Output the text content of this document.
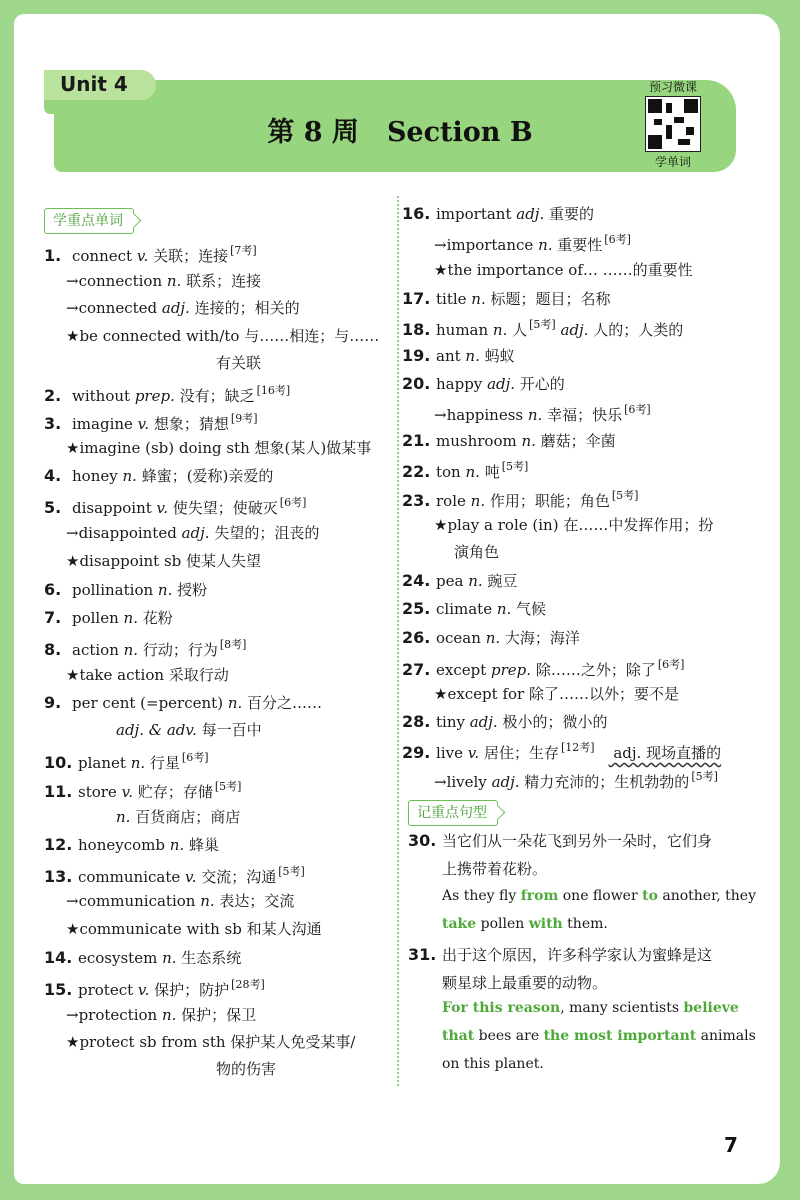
Unit 4
第 8 周 Section B
预习微课
学单词
学重点单词
1. connect v. 关联；连接 [7考]
→connection n. 联系；连接
→connected adj. 连接的；相关的
★be connected with/to 与……相连；与……
有关联
2. without prep. 没有；缺乏 [16考]
3. imagine v. 想象；猜想 [9考]
★imagine (sb) doing sth 想象(某人)做某事
4. honey n. 蜂蜜；(爱称)亲爱的
5. disappoint v. 使失望；使破灭 [6考]
→disappointed adj. 失望的；沮丧的
★disappoint sb 使某人失望
6. pollination n. 授粉
7. pollen n. 花粉
8. action n. 行动；行为 [8考]
★take action 采取行动
9. per cent (=percent) n. 百分之……
adj. & adv. 每一百中
10. planet n. 行星 [6考]
11. store v. 贮存；存储 [5考]
n. 百货商店；商店
12. honeycomb n. 蜂巢
13. communicate v. 交流；沟通 [5考]
→communication n. 表达；交流
★communicate with sb 和某人沟通
14. ecosystem n. 生态系统
15. protect v. 保护；防护 [28考]
→protection n. 保护；保卫
★protect sb from sth 保护某人免受某事/
物的伤害
16. important adj. 重要的
→importance n. 重要性 [6考]
★the importance of… ……的重要性
17. title n. 标题；题目；名称
18. human n. 人 [5考] adj. 人的；人类的
19. ant n. 蚂蚁
20. happy adj. 开心的
→happiness n. 幸福；快乐 [6考]
21. mushroom n. 蘑菇；伞菌
22. ton n. 吨 [5考]
23. role n. 作用；职能；角色 [5考]
★play a role (in) 在……中发挥作用；扮
演角色
24. pea n. 豌豆
25. climate n. 气候
26. ocean n. 大海；海洋
27. except prep. 除……之外；除了 [6考]
★except for 除了……以外；要不是
28. tiny adj. 极小的；微小的
29. live v. 居住；生存 [12考] adj. 现场直播的
→lively adj. 精力充沛的；生机勃勃的 [5考]
记重点句型
30. 当它们从一朵花飞到另外一朵时，它们身
上携带着花粉。
As they fly from one flower to another, they
take pollen with them.
31. 出于这个原因，许多科学家认为蜜蜂是这
颗星球上最重要的动物。
For this reason, many scientists believe
that bees are the most important animals
on this planet.
7
